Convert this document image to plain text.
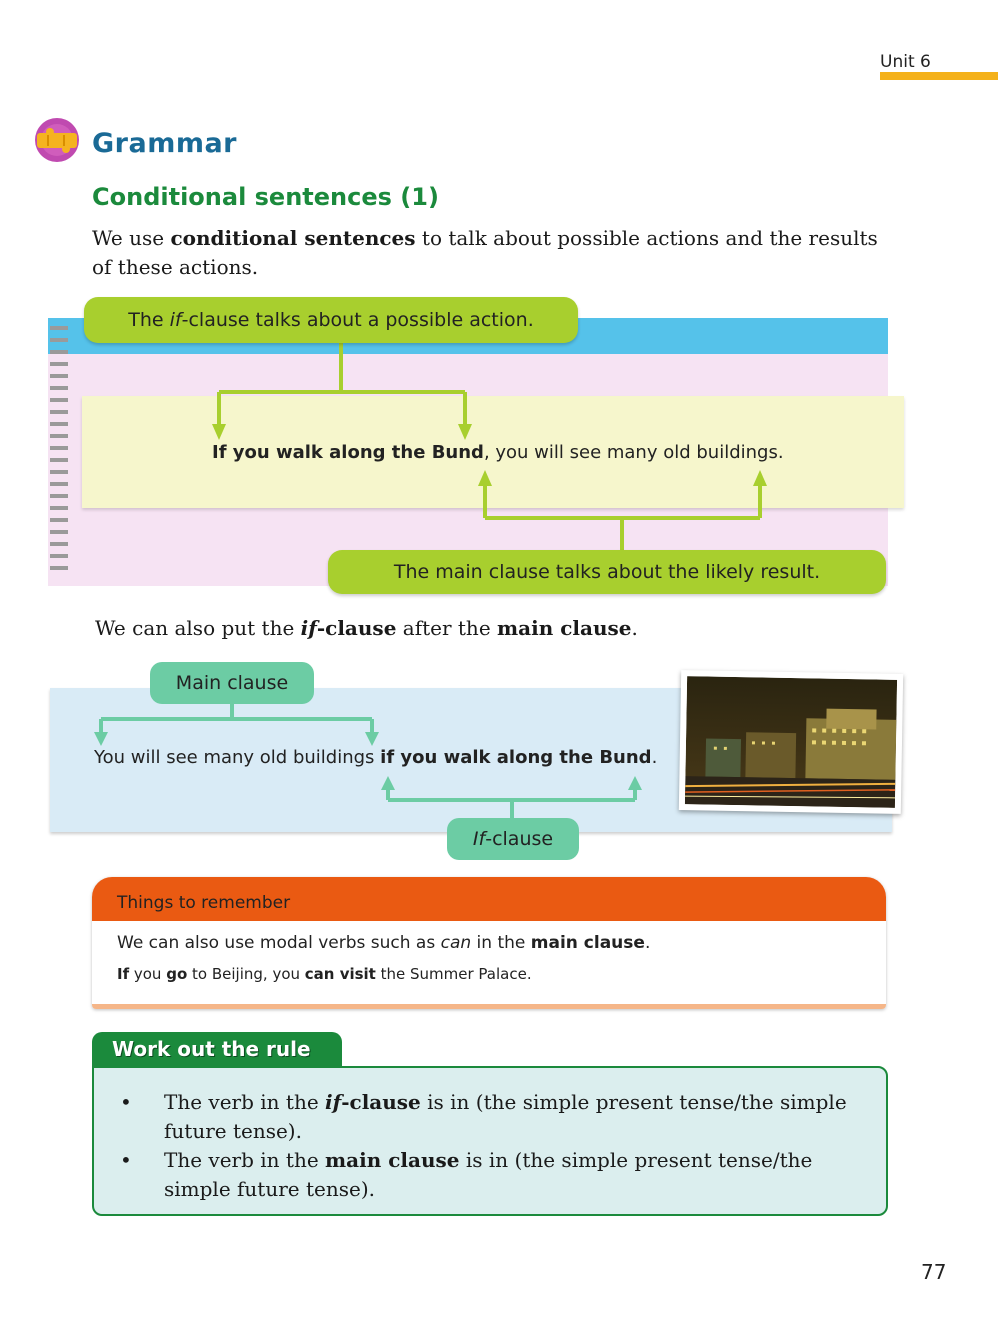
Unit 6
Grammar
Conditional sentences (1)
We use conditional sentences to talk about possible actions and the results of these actions.
The if-clause talks about a possible action.
If you walk along the Bund, you will see many old buildings.
The main clause talks about the likely result.
We can also put the if-clause after the main clause.
Main clause
You will see many old buildings if you walk along the Bund.
If-clause
Things to remember
We can also use modal verbs such as can in the main clause.
If you go to Beijing, you can visit the Summer Palace.
Work out the rule
• The verb in the if-clause is in (the simple present tense/the simple future tense).
• The verb in the main clause is in (the simple present tense/the simple future tense).
77
